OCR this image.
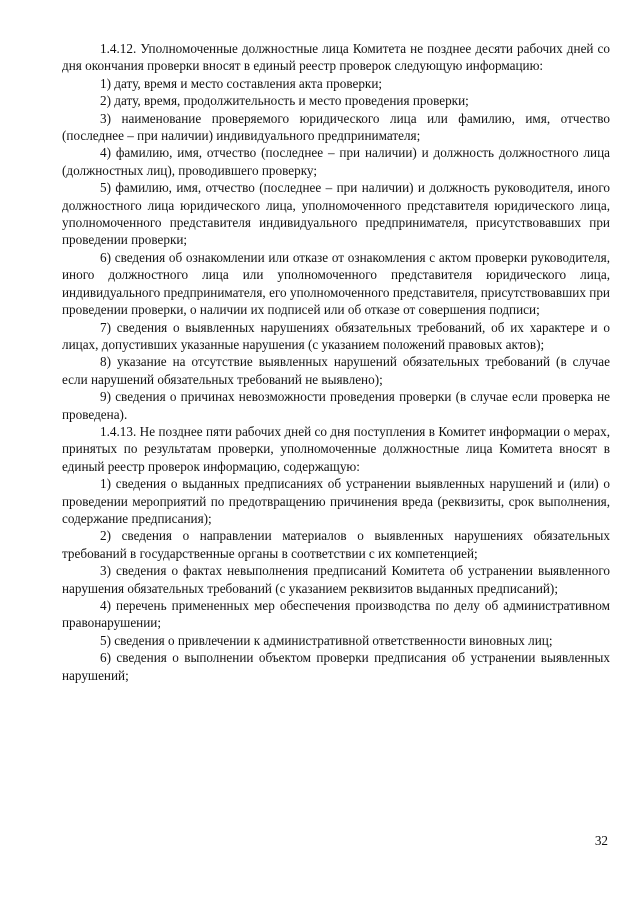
1.4.12. Уполномоченные должностные лица Комитета не позднее десяти рабочих дней со дня окончания проверки вносят в единый реестр проверок следующую информацию:

1) дату, время и место составления акта проверки;

2) дату, время, продолжительность и место проведения проверки;

3) наименование проверяемого юридического лица или фамилию, имя, отчество (последнее – при наличии) индивидуального предпринимателя;

4) фамилию, имя, отчество (последнее – при наличии) и должность должностного лица (должностных лиц), проводившего проверку;

5) фамилию, имя, отчество (последнее – при наличии) и должность руководителя, иного должностного лица юридического лица, уполномоченного представителя юридического лица, уполномоченного представителя индивидуального предпринимателя, присутствовавших при проведении проверки;

6) сведения об ознакомлении или отказе от ознакомления с актом проверки руководителя, иного должностного лица или уполномоченного представителя юридического лица, индивидуального предпринимателя, его уполномоченного представителя, присутствовавших при проведении проверки, о наличии их подписей или об отказе от совершения подписи;

7) сведения о выявленных нарушениях обязательных требований, об их характере и о лицах, допустивших указанные нарушения (с указанием положений правовых актов);

8) указание на отсутствие выявленных нарушений обязательных требований (в случае если нарушений обязательных требований не выявлено);

9) сведения о причинах невозможности проведения проверки (в случае если проверка не проведена).

1.4.13. Не позднее пяти рабочих дней со дня поступления в Комитет информации о мерах, принятых по результатам проверки, уполномоченные должностные лица Комитета вносят в единый реестр проверок информацию, содержащую:

1) сведения о выданных предписаниях об устранении выявленных нарушений и (или) о проведении мероприятий по предотвращению причинения вреда (реквизиты, срок выполнения, содержание предписания);

2) сведения о направлении материалов о выявленных нарушениях обязательных требований в государственные органы в соответствии с их компетенцией;

3) сведения о фактах невыполнения предписаний Комитета об устранении выявленного нарушения обязательных требований (с указанием реквизитов выданных предписаний);

4) перечень примененных мер обеспечения производства по делу об административном правонарушении;

5) сведения о привлечении к административной ответственности виновных лиц;

6) сведения о выполнении объектом проверки предписания об устранении выявленных нарушений;

32
